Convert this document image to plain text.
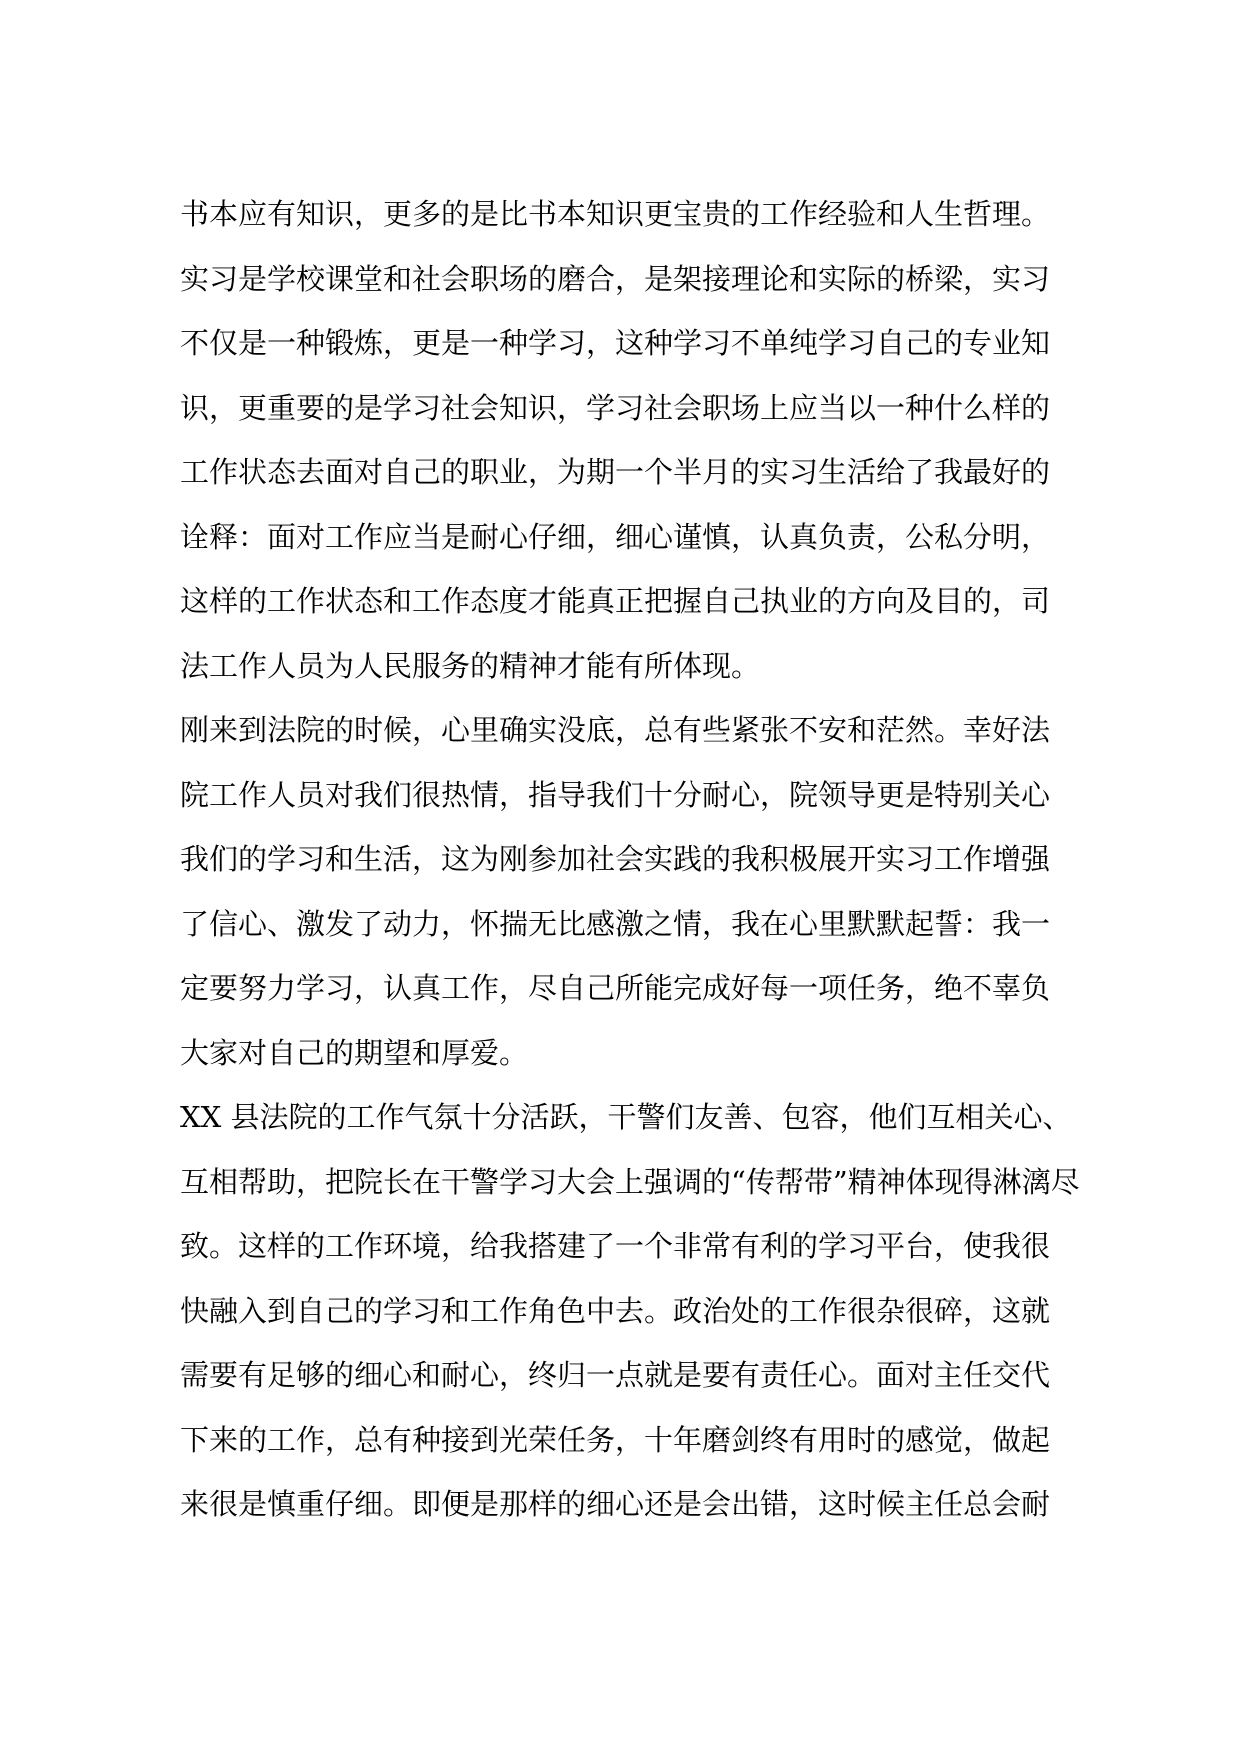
书本应有知识，更多的是比书本知识更宝贵的工作经验和人生哲理。
实习是学校课堂和社会职场的磨合，是架接理论和实际的桥梁，实习
不仅是一种锻炼，更是一种学习，这种学习不单纯学习自己的专业知
识，更重要的是学习社会知识，学习社会职场上应当以一种什么样的
工作状态去面对自己的职业，为期一个半月的实习生活给了我最好的
诠释：面对工作应当是耐心仔细，细心谨慎，认真负责，公私分明，
这样的工作状态和工作态度才能真正把握自己执业的方向及目的，司
法工作人员为人民服务的精神才能有所体现。
刚来到法院的时候，心里确实没底，总有些紧张不安和茫然。幸好法
院工作人员对我们很热情，指导我们十分耐心，院领导更是特别关心
我们的学习和生活，这为刚参加社会实践的我积极展开实习工作增强
了信心、激发了动力，怀揣无比感激之情，我在心里默默起誓：我一
定要努力学习，认真工作，尽自己所能完成好每一项任务，绝不辜负
大家对自己的期望和厚爱。
XX 县法院的工作气氛十分活跃，干警们友善、包容，他们互相关心、
互相帮助，把院长在干警学习大会上强调的“传帮带”精神体现得淋漓尽
致。这样的工作环境，给我搭建了一个非常有利的学习平台，使我很
快融入到自己的学习和工作角色中去。政治处的工作很杂很碎，这就
需要有足够的细心和耐心，终归一点就是要有责任心。面对主任交代
下来的工作，总有种接到光荣任务，十年磨剑终有用时的感觉，做起
来很是慎重仔细。即便是那样的细心还是会出错，这时候主任总会耐
